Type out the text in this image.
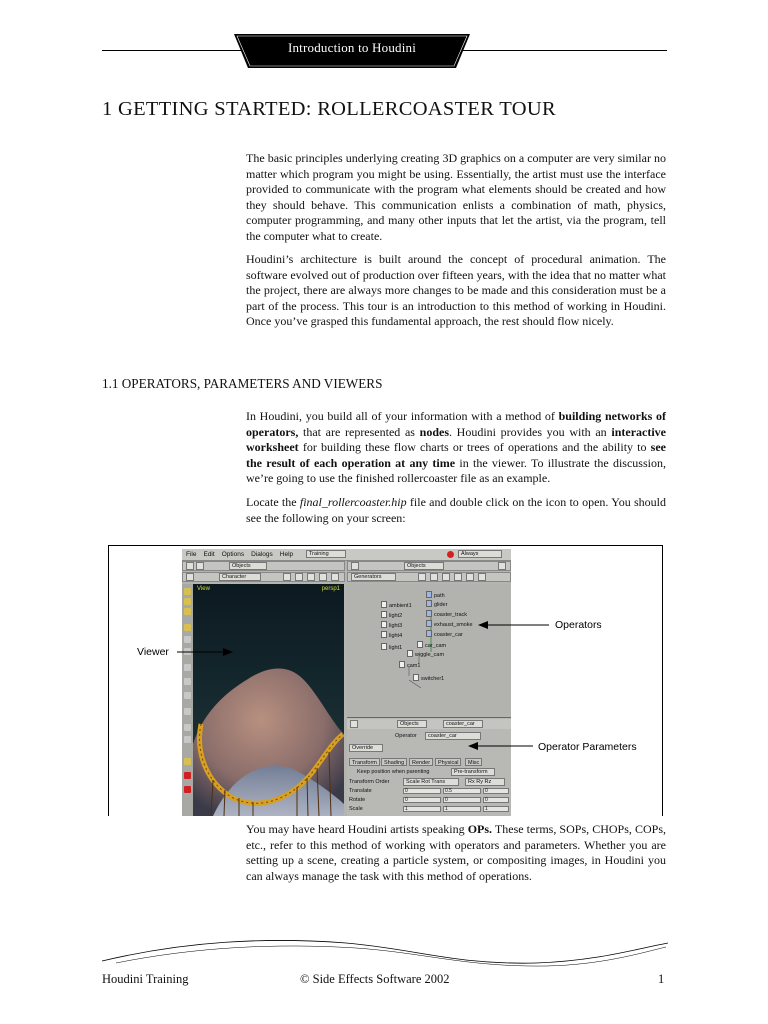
Introduction to Houdini
1 GETTING STARTED: ROLLERCOASTER TOUR

The basic principles underlying creating 3D graphics on a computer are very similar no matter which program you might be using. Essentially, the artist must use the interface provided to communicate with the program what elements should be created and how they should behave. This communication enlists a combination of math, physics, computer programming, and many other inputs that let the artist, via the program, tell the computer what to create.

Houdini’s architecture is built around the concept of procedural animation. The software evolved out of production over fifteen years, with the idea that no matter what the project, there are always more changes to be made and this consideration must be a part of the process. This tour is an introduction to this method of working in Houdini. Once you’ve grasped this fundamental approach, the rest should flow nicely.

1.1 OPERATORS, PARAMETERS AND VIEWERS

In Houdini, you build all of your information with a method of building networks of operators, that are represented as nodes. Houdini provides you with an interactive worksheet for building these flow charts or trees of operations and the ability to see the result of each operation at any time in the viewer. To illustrate the discussion, we’re going to use the finished rollercoaster file as an example.

Locate the final_rollercoaster.hip file and double click on the icon to open. You should see the following on your screen:

File Edit Options Dialogs Help	Training	Always
Objects
Character
View	persp1
Objects
Generators
ambient1
light2
light3
light4
light1
path
glider
coaster_track
exhaust_smoke
coaster_car
car_cam
wiggle_cam
cam1
switcher1
Objects	coaster_car
Operator	coaster_car
Override
Transform	Shading	Render	Physical	Misc
Keep position when parenting	Pre-transform
Transform Order	Scale Rot Trans	Rx Ry Rz
Translate	0	0.5	0
Rotate	0	0	0
Scale	1	1	1
Viewer
Operators
Operator Parameters

You may have heard Houdini artists speaking OPs. These terms, SOPs, CHOPs, COPs, etc., refer to this method of working with operators and parameters. Whether you are setting up a scene, creating a particle system, or compositing images, in Houdini you can always manage the task with this method of operations.

Houdini Training	© Side Effects Software 2002	1
